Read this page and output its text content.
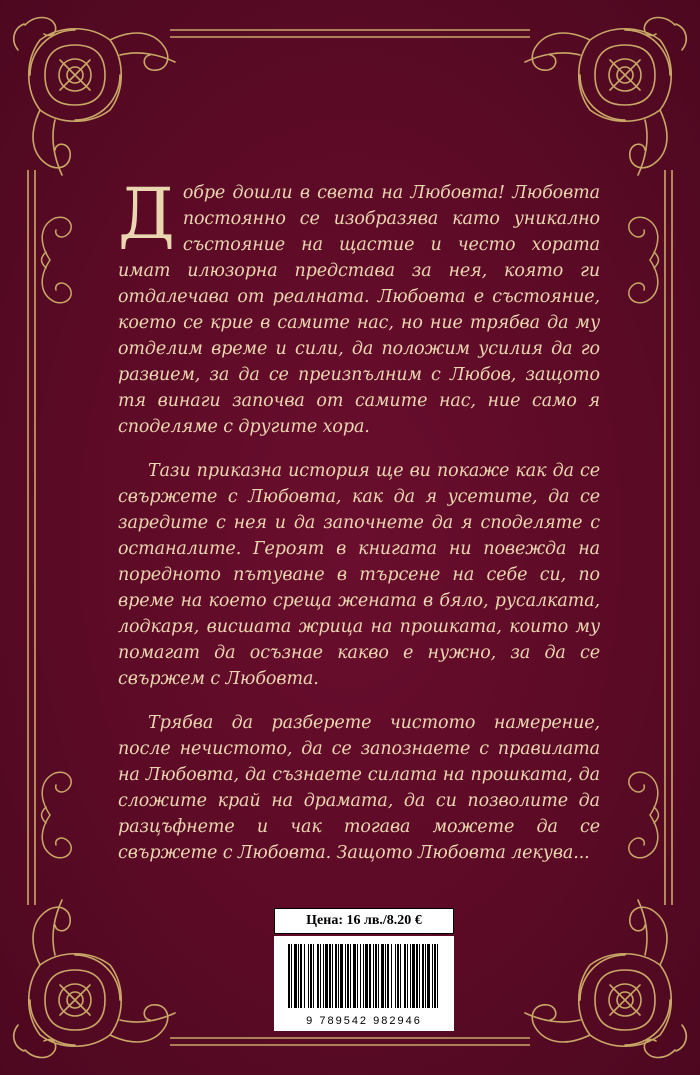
Добре дошли в света на Любовта! Любовта постоянно се изобразява като уникално състояние на щастие и често хората имат илюзорна представа за нея, която ги отдалечава от реалната. Любовта е състояние, което се крие в самите нас, но ние трябва да му отделим време и сили, да положим усилия да го развием, за да се преизпълним с Любов, защото тя винаги започва от самите нас, ние само я споделяме с другите хора.

Тази приказна история ще ви покаже как да се свържете с Любовта, как да я усетите, да се заредите с нея и да започнете да я споделяте с останалите. Героят в книгата ни повежда на поредното пътуване в търсене на себе си, по време на което среща жената в бяло, русалката, лодкаря, висшата жрица на прошката, които му помагат да осъзнае какво е нужно, за да се свържем с Любовта.

Трябва да разберете чистото намерение, после нечистото, да се запознаете с правилата на Любовта, да съзнаете силата на прошката, да сложите край на драмата, да си позволите да разцъфнете и чак тогава можете да се свържете с Любовта. Защото Любовта лекува...

Цена: 16 лв./8.20 €
9 789542 982946
